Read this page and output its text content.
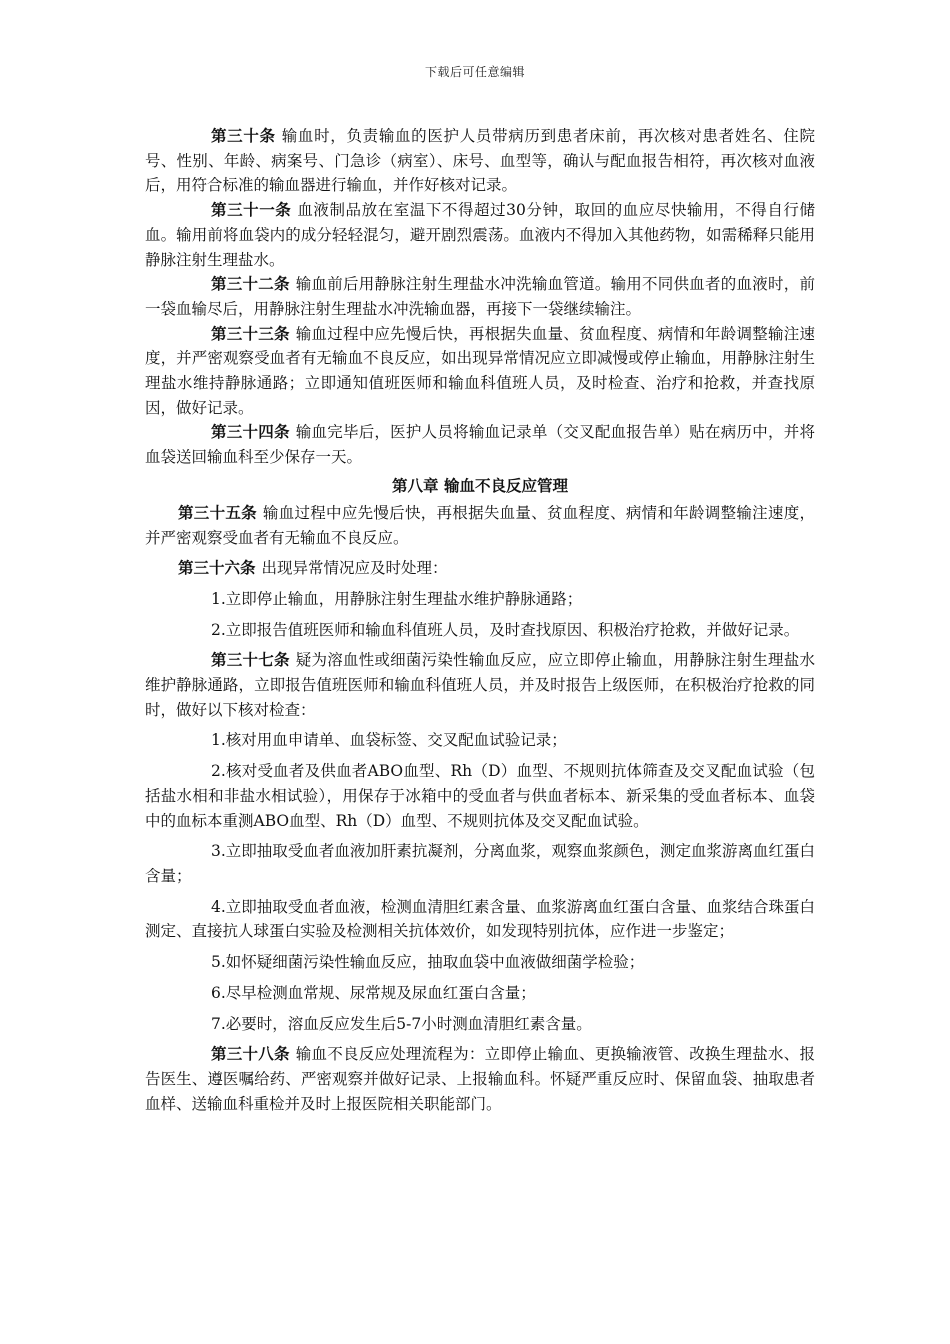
下载后可任意编辑

第三十条 输血时，负责输血的医护人员带病历到患者床前，再次核对患者姓名、住院号、性别、年龄、病案号、门急诊（病室）、床号、血型等，确认与配血报告相符，再次核对血液后，用符合标准的输血器进行输血，并作好核对记录。

第三十一条 血液制品放在室温下不得超过30分钟，取回的血应尽快输用，不得自行储血。输用前将血袋内的成分轻轻混匀，避开剧烈震荡。血液内不得加入其他药物，如需稀释只能用静脉注射生理盐水。

第三十二条 输血前后用静脉注射生理盐水冲洗输血管道。输用不同供血者的血液时，前一袋血输尽后，用静脉注射生理盐水冲洗输血器，再接下一袋继续输注。

第三十三条 输血过程中应先慢后快，再根据失血量、贫血程度、病情和年龄调整输注速度，并严密观察受血者有无输血不良反应，如出现异常情况应立即减慢或停止输血，用静脉注射生理盐水维持静脉通路；立即通知值班医师和输血科值班人员，及时检查、治疗和抢救，并查找原因，做好记录。

第三十四条 输血完毕后，医护人员将输血记录单（交叉配血报告单）贴在病历中，并将血袋送回输血科至少保存一天。

第八章 输血不良反应管理

第三十五条 输血过程中应先慢后快，再根据失血量、贫血程度、病情和年龄调整输注速度，并严密观察受血者有无输血不良反应。

第三十六条 出现异常情况应及时处理：

1.立即停止输血，用静脉注射生理盐水维护静脉通路；

2.立即报告值班医师和输血科值班人员，及时查找原因、积极治疗抢救，并做好记录。

第三十七条 疑为溶血性或细菌污染性输血反应，应立即停止输血，用静脉注射生理盐水维护静脉通路，立即报告值班医师和输血科值班人员，并及时报告上级医师，在积极治疗抢救的同时，做好以下核对检查：

1.核对用血申请单、血袋标签、交叉配血试验记录；

2.核对受血者及供血者ABO血型、Rh（D）血型、不规则抗体筛查及交叉配血试验（包括盐水相和非盐水相试验），用保存于冰箱中的受血者与供血者标本、新采集的受血者标本、血袋中的血标本重测ABO血型、Rh（D）血型、不规则抗体及交叉配血试验。

3.立即抽取受血者血液加肝素抗凝剂，分离血浆，观察血浆颜色，测定血浆游离血红蛋白含量；

4.立即抽取受血者血液，检测血清胆红素含量、血浆游离血红蛋白含量、血浆结合珠蛋白测定、直接抗人球蛋白实验及检测相关抗体效价，如发现特别抗体，应作进一步鉴定；

5.如怀疑细菌污染性输血反应，抽取血袋中血液做细菌学检验；

6.尽早检测血常规、尿常规及尿血红蛋白含量；

7.必要时，溶血反应发生后5-7小时测血清胆红素含量。

第三十八条 输血不良反应处理流程为：立即停止输血、更换输液管、改换生理盐水、报告医生、遵医嘱给药、严密观察并做好记录、上报输血科。怀疑严重反应时、保留血袋、抽取患者血样、送输血科重检并及时上报医院相关职能部门。
